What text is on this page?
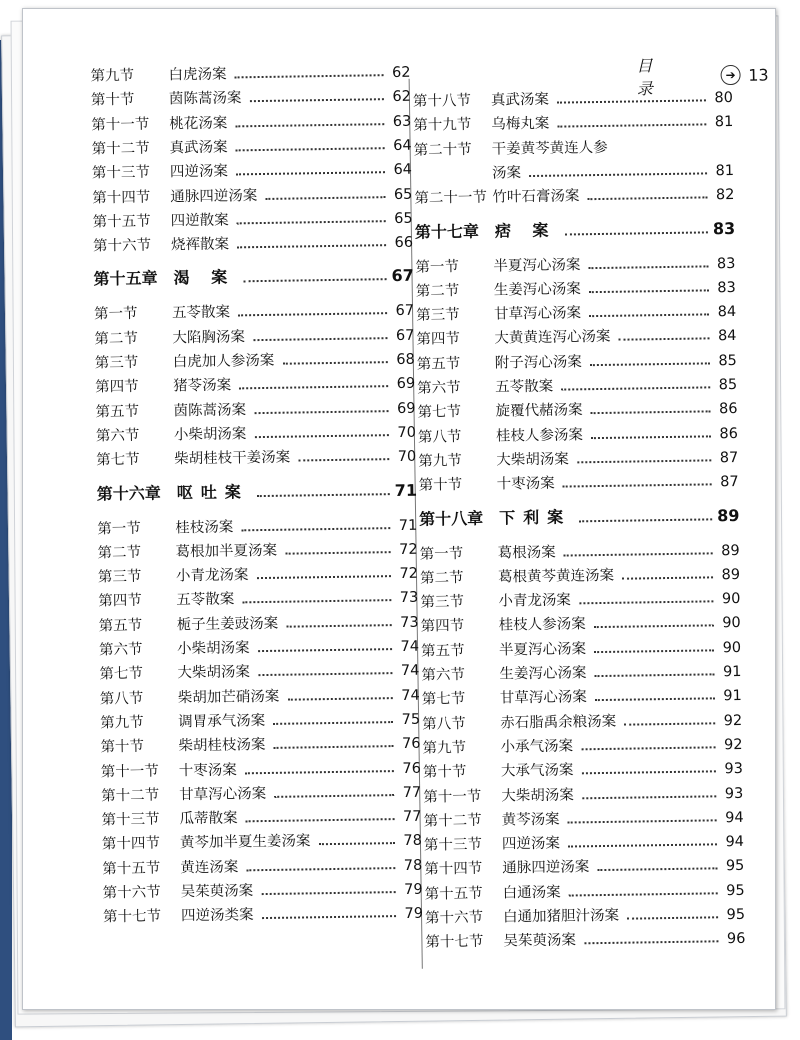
目 录
➔ 13
第九节	白虎汤案	62
第十节	茵陈蒿汤案	62
第十一节	桃花汤案	63
第十二节	真武汤案	64
第十三节	四逆汤案	64
第十四节	通脉四逆汤案	65
第十五节	四逆散案	65
第十六节	烧裈散案	66
第十五章 渴 案	67
第一节	五苓散案	67
第二节	大陷胸汤案	67
第三节	白虎加人参汤案	68
第四节	猪苓汤案	69
第五节	茵陈蒿汤案	69
第六节	小柴胡汤案	70
第七节	柴胡桂枝干姜汤案	70
第十六章 呕吐案	71
第一节	桂枝汤案	71
第二节	葛根加半夏汤案	72
第三节	小青龙汤案	72
第四节	五苓散案	73
第五节	栀子生姜豉汤案	73
第六节	小柴胡汤案	74
第七节	大柴胡汤案	74
第八节	柴胡加芒硝汤案	74
第九节	调胃承气汤案	75
第十节	柴胡桂枝汤案	76
第十一节	十枣汤案	76
第十二节	甘草泻心汤案	77
第十三节	瓜蒂散案	77
第十四节	黄芩加半夏生姜汤案	78
第十五节	黄连汤案	78
第十六节	吴茱萸汤案	79
第十七节	四逆汤类案	79
第十八节	真武汤案	80
第十九节	乌梅丸案	81
第二十节	干姜黄芩黄连人参
汤案	81
第二十一节 竹叶石膏汤案	82
第十七章 痞 案	83
第一节	半夏泻心汤案	83
第二节	生姜泻心汤案	83
第三节	甘草泻心汤案	84
第四节	大黄黄连泻心汤案	84
第五节	附子泻心汤案	85
第六节	五苓散案	85
第七节	旋覆代赭汤案	86
第八节	桂枝人参汤案	86
第九节	大柴胡汤案	87
第十节	十枣汤案	87
第十八章 下利案	89
第一节	葛根汤案	89
第二节	葛根黄芩黄连汤案	89
第三节	小青龙汤案	90
第四节	桂枝人参汤案	90
第五节	半夏泻心汤案	90
第六节	生姜泻心汤案	91
第七节	甘草泻心汤案	91
第八节	赤石脂禹余粮汤案	92
第九节	小承气汤案	92
第十节	大承气汤案	93
第十一节	大柴胡汤案	93
第十二节	黄芩汤案	94
第十三节	四逆汤案	94
第十四节	通脉四逆汤案	95
第十五节	白通汤案	95
第十六节	白通加猪胆汁汤案	95
第十七节	吴茱萸汤案	96
